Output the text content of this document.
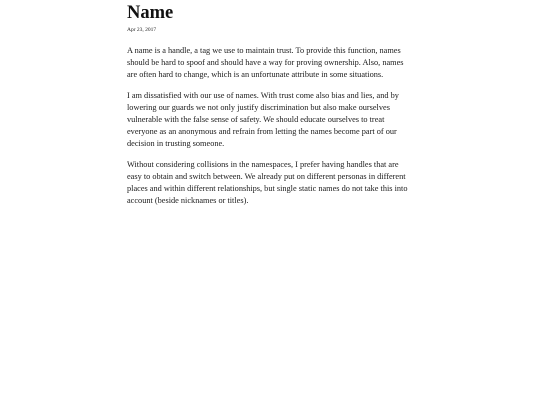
Name
Apr 23, 2017

A name is a handle, a tag we use to maintain trust. To provide this function, names should be hard to spoof and should have a way for proving ownership. Also, names are often hard to change, which is an unfortunate attribute in some situations.

I am dissatisfied with our use of names. With trust come also bias and lies, and by lowering our guards we not only justify discrimination but also make ourselves vulnerable with the false sense of safety. We should educate ourselves to treat everyone as an anonymous and refrain from letting the names become part of our decision in trusting someone.

Without considering collisions in the namespaces, I prefer having handles that are easy to obtain and switch between. We already put on different personas in different places and within different relationships, but single static names do not take this into account (beside nicknames or titles).
